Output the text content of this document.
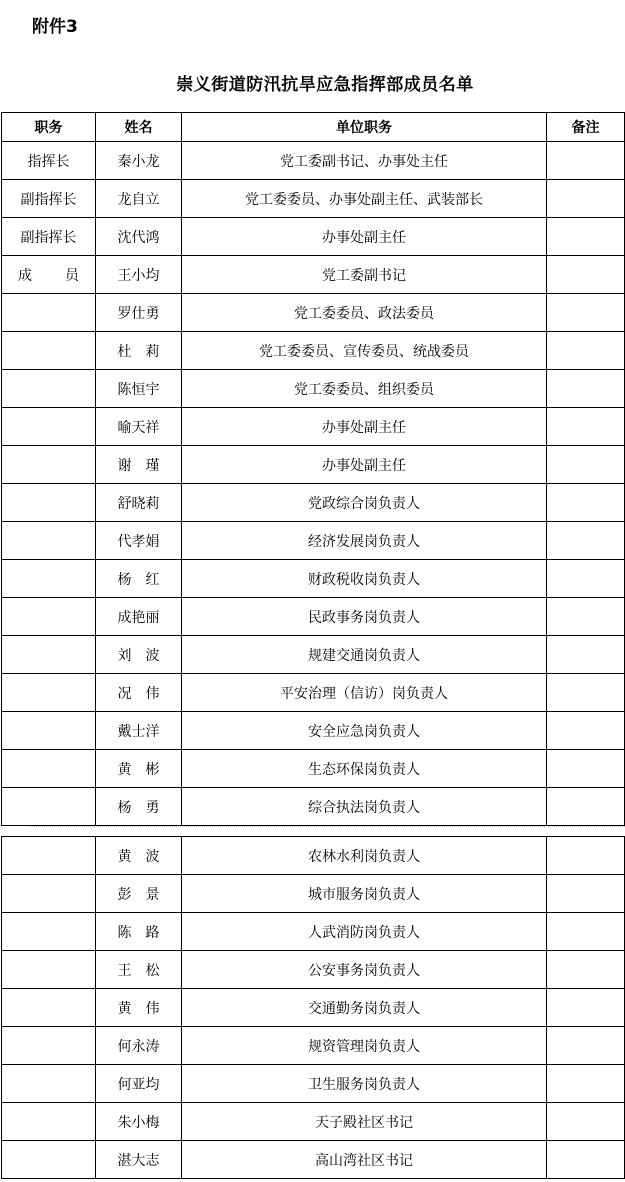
附件3
崇义街道防汛抗旱应急指挥部成员名单
职务	姓名	单位职务	备注
指挥长	秦小龙	党工委副书记、办事处主任	
副指挥长	龙自立	党工委委员、办事处副主任、武装部长	
副指挥长	沈代鸿	办事处副主任	
成　员	王小均	党工委副书记	
	罗仕勇	党工委委员、政法委员	
	杜　莉	党工委委员、宣传委员、统战委员	
	陈恒宇	党工委委员、组织委员	
	喻天祥	办事处副主任	
	谢　瑾	办事处副主任	
	舒晓莉	党政综合岗负责人	
	代孝娟	经济发展岗负责人	
	杨　红	财政税收岗负责人	
	成艳丽	民政事务岗负责人	
	刘　波	规建交通岗负责人	
	况　伟	平安治理（信访）岗负责人	
	戴士洋	安全应急岗负责人	
	黄　彬	生态环保岗负责人	
	杨　勇	综合执法岗负责人	
	黄　波	农林水利岗负责人	
	彭　景	城市服务岗负责人	
	陈　路	人武消防岗负责人	
	王　松	公安事务岗负责人	
	黄　伟	交通勤务岗负责人	
	何永涛	规资管理岗负责人	
	何亚均	卫生服务岗负责人	
	朱小梅	天子殿社区书记	
	湛大志	高山湾社区书记	
